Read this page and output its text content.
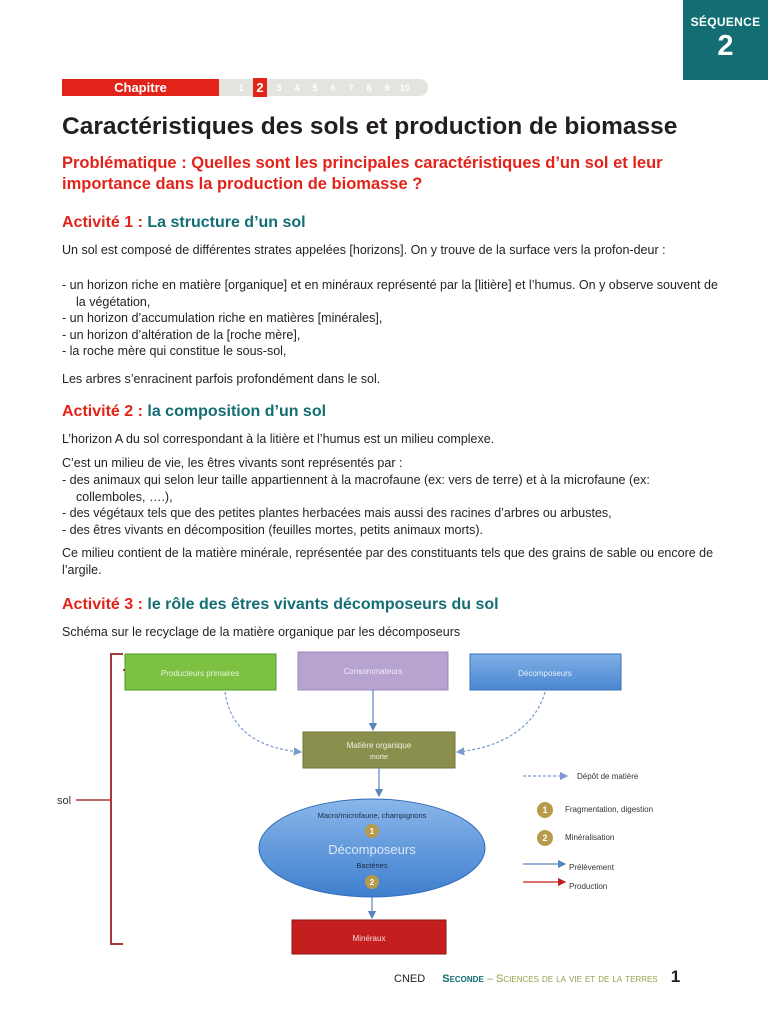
SÉQUENCE
2
Chapitre	1 2	3	4	5	6	7	8	9	10
Caractéristiques des sols et production de biomasse

Problématique : Quelles sont les principales caractéristiques d’un sol et leur importance dans la production de biomasse ?

Activité 1 : La structure d’un sol

Un sol est composé de différentes strates appelées [horizons]. On y trouve de la surface vers la profon-deur :

- un horizon riche en matière [organique] et en minéraux représenté par la [litière] et l’humus. On y observe souvent de la végétation,
- un horizon d’accumulation riche en matières [minérales],
- un horizon d’altération de la [roche mère],
- la roche mère qui constitue le sous-sol,

Les arbres s’enracinent parfois profondément dans le sol.

Activité 2 : la composition d’un sol

L’horizon A du sol correspondant à la litière et l’humus est un milieu complexe.

C’est un milieu de vie, les êtres vivants sont représentés par :

- des animaux qui selon leur taille appartiennent à la macrofaune (ex: vers de terre) et à la microfaune (ex: collemboles, ….),
- des végétaux tels que des petites plantes herbacées mais aussi des racines d’arbres ou arbustes,
- des êtres vivants en décomposition (feuilles mortes, petits animaux morts).

Ce milieu contient de la matière minérale, représentée par des constituants tels que des grains de sable ou encore de l’argile.

Activité 3 : le rôle des êtres vivants décomposeurs du sol

Schéma sur le recyclage de la matière organique par les décomposeurs

sol
Producteurs primaires	Consommateurs	Décomposeurs
Matière organique
morte
Macro/microfaune, champignons
1
Décomposeurs
Bactéries
2
Minéraux
Dépôt de matière
1 Fragmentation, digestion
2 Minéralisation
Prélèvement
Production
CNED Seconde – Sciences de la vie et de la terres 1
